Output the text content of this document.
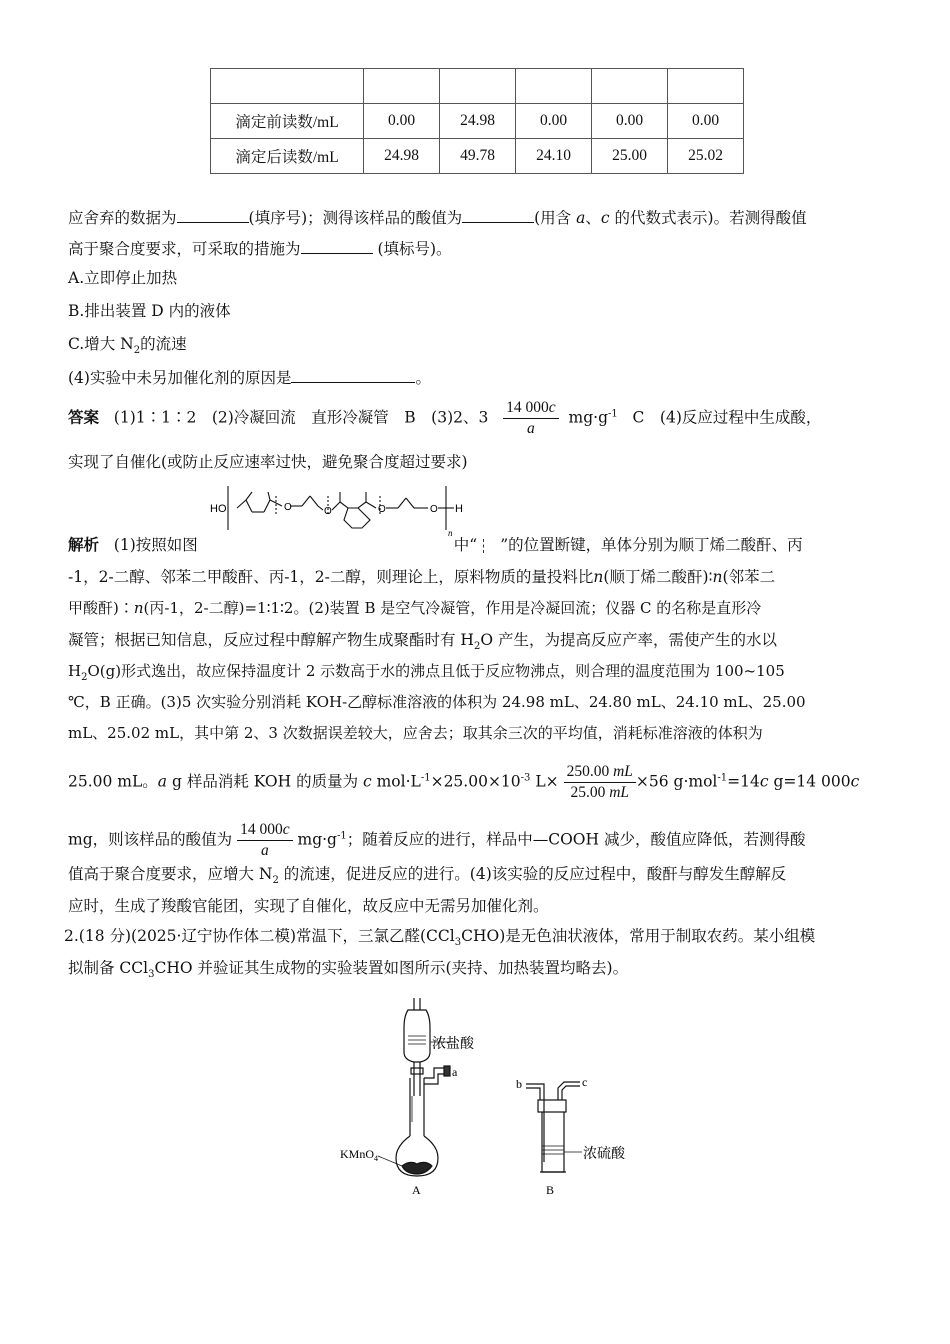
滴定前读数/mL	0.00	24.98	0.00	0.00	0.00
滴定后读数/mL	24.98	49.78	24.10	25.00	25.02
应舍弃的数据为	(填序号)；测得该样品的酸值为	(用含 a、c 的代数式表示)。若测得酸值
高于聚合度要求，可采取的措施为	(填标号)。
A.立即停止加热
B.排出装置 D 内的液体
C.增大 $N_2$的流速
(4)实验中未另加催化剂的原因是	。
答案 (1)1∶1∶2　(2)冷凝回流　直形冷凝管　B　(3)2、$3 \frac{14 000c}{a} mg\cdot g^{-1}$ C　(4)反应过程中生成酸，
实现了自催化(或防止反应速率过快，避免聚合度超过要求)
HO	O	O	O	O H
n
解析 (1)按照如图	中“ ”的位置断键，单体分别为顺丁烯二酸酐、丙
-1，2-二醇、邻苯二甲酸酐、丙-1，2-二醇，则理论上，原料物质的量投料比n(顺丁烯二酸酐)∶n(邻苯二
甲酸酐)∶n(丙-1，2-二醇)=1∶1∶2。(2)装置 B 是空气冷凝管，作用是冷凝回流；仪器 C 的名称是直形冷
凝管；根据已知信息，反应过程中醇解产物生成聚酯时有 $H_2O$ 产生，为提高反应产率，需使产生的水以
$H_2O(g)$形式逸出，故应保持温度计 2 示数高于水的沸点且低于反应物沸点，则合理的温度范围为 100~105
℃，B 正确。(3)5 次实验分别消耗 KOH-乙醇标准溶液的体积为 24.98 mL、24.80 mL、24.10 mL、25.00
mL、25.02 mL，其中第 2、3 次数据误差较大，应舍去；取其余三次的平均值，消耗标准溶液的体积为
25.00 mL。a g 样品消耗 KOH 的质量为 c $mol\cdot L^{-1}\times 25.00\times 10^{-3}$ $L\times \frac{250.00 mL}{25.00 mL} \times 56$ g·mol$^{-1}$=14c g=14 000c
mg，则该样品的酸值为 $\frac{14 000c}{a} mg\cdot g^{-1}$；随着反应的进行，样品中—COOH 减少，酸值应降低，若测得酸
值高于聚合度要求，应增大 $N_2$ 的流速，促进反应的进行。(4)该实验的反应过程中，酸酐与醇发生醇解反
应时，生成了羧酸官能团，实现了自催化，故反应中无需另加催化剂。
2.(18 分)(2025·辽宁协作体二模)常温下，三氯乙醛(CCl$_3$CHO)是无色油状液体，常用于制取农药。某小组模
拟制备 CCl$_3$CHO 并验证其生成物的实验装置如图所示(夹持、加热装置均略去)。
浓盐酸
a
KMnO$_4$
A
b	c
浓硫酸
B
